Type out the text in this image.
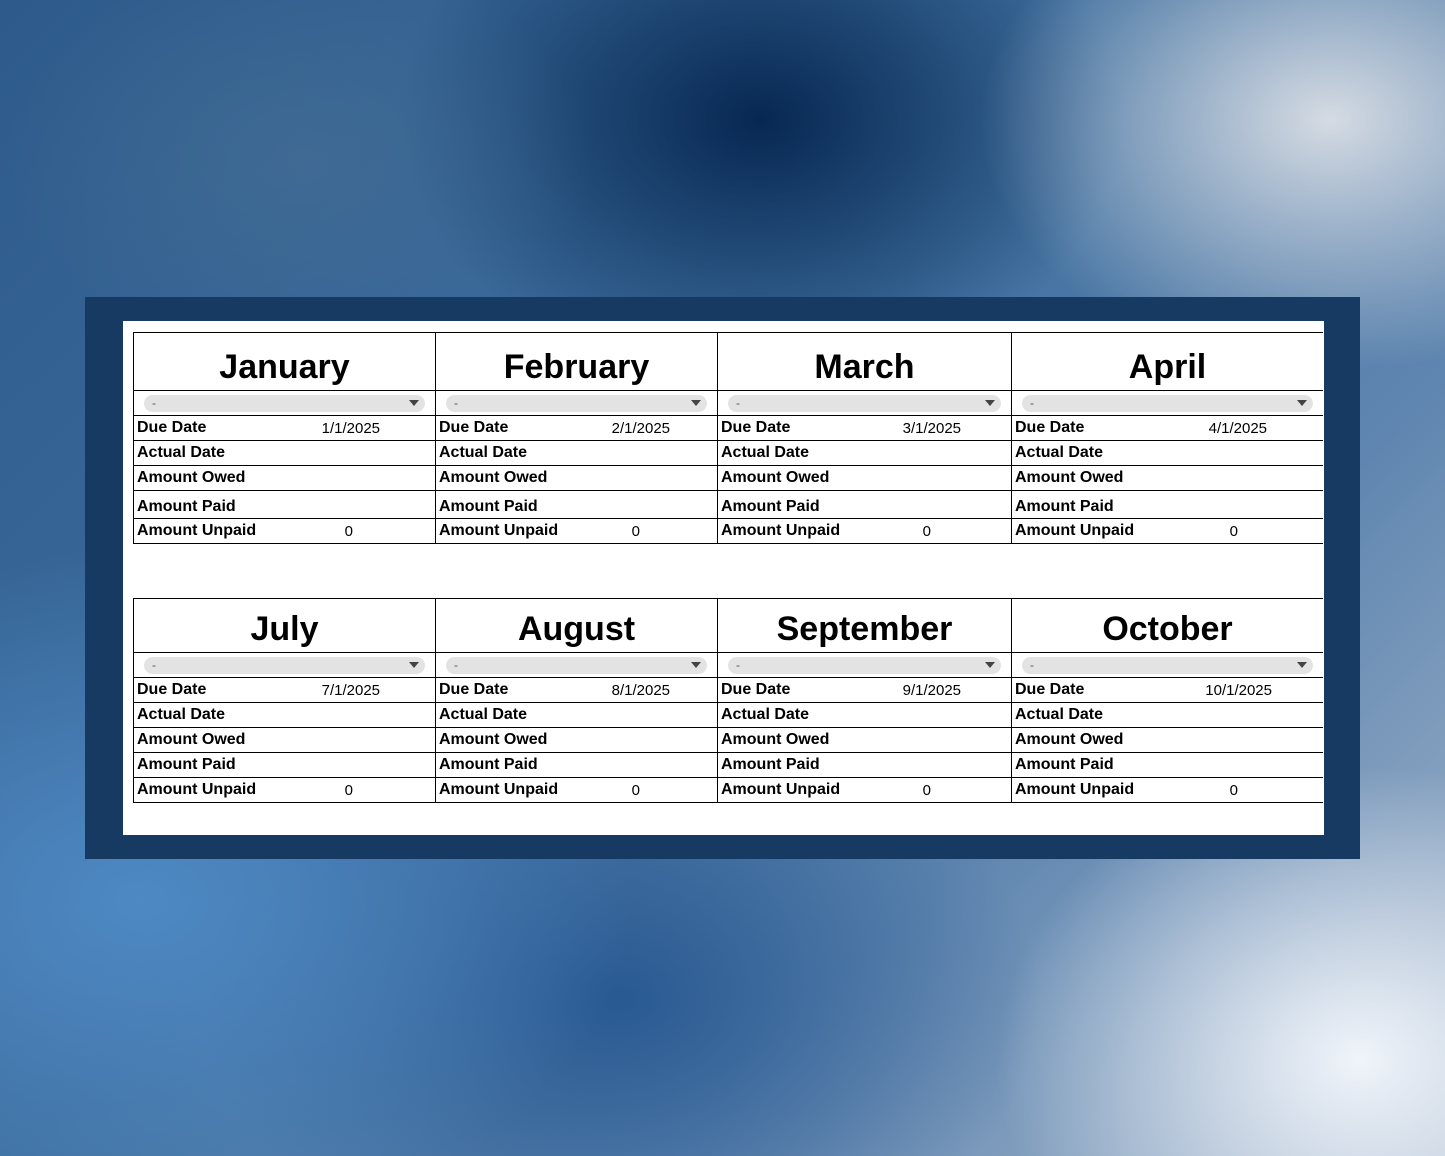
January
-
Due Date	1/1/2025
Actual Date
Amount Owed
Amount Paid
Amount Unpaid	0
February
-
Due Date	2/1/2025
Actual Date
Amount Owed
Amount Paid
Amount Unpaid	0
March
-
Due Date	3/1/2025
Actual Date
Amount Owed
Amount Paid
Amount Unpaid	0
April
-
Due Date	4/1/2025
Actual Date
Amount Owed
Amount Paid
Amount Unpaid	0
July
-
Due Date	7/1/2025
Actual Date
Amount Owed
Amount Paid
Amount Unpaid	0
August
-
Due Date	8/1/2025
Actual Date
Amount Owed
Amount Paid
Amount Unpaid	0
September
-
Due Date	9/1/2025
Actual Date
Amount Owed
Amount Paid
Amount Unpaid	0
October
-
Due Date	10/1/2025
Actual Date
Amount Owed
Amount Paid
Amount Unpaid	0
